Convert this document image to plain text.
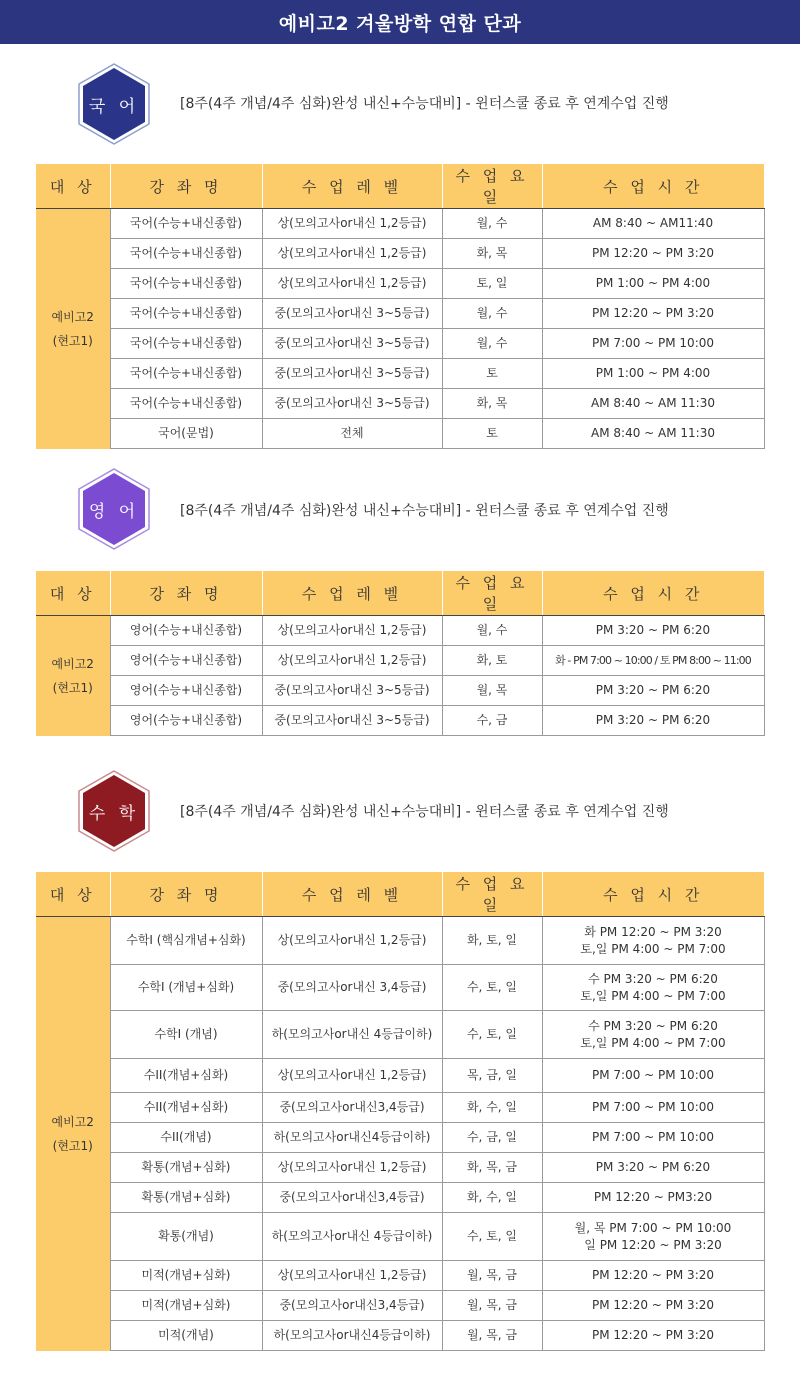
예비고2 겨울방학 연합 단과
국 어	[8주(4주 개념/4주 심화)완성 내신+수능대비] - 윈터스쿨 종료 후 연계수업 진행
대 상	강 좌 명	수 업 레 벨	수 업 요 일	수 업 시 간

예비고2
(현고1)	국어(수능+내신종합)	상(모의고사or내신 1,2등급)	월, 수	AM 8:40 ~ AM11:40

	국어(수능+내신종합)	상(모의고사or내신 1,2등급)	화, 목	PM 12:20 ~ PM 3:20

	국어(수능+내신종합)	상(모의고사or내신 1,2등급)	토, 일	PM 1:00 ~ PM 4:00

	국어(수능+내신종합)	중(모의고사or내신 3~5등급)	월, 수	PM 12:20 ~ PM 3:20

	국어(수능+내신종합)	중(모의고사or내신 3~5등급)	월, 수	PM 7:00 ~ PM 10:00

	국어(수능+내신종합)	중(모의고사or내신 3~5등급)	토	PM 1:00 ~ PM 4:00

	국어(수능+내신종합)	중(모의고사or내신 3~5등급)	화, 목	AM 8:40 ~ AM 11:30

	국어(문법)	전체	토	AM 8:40 ~ AM 11:30
영 어	[8주(4주 개념/4주 심화)완성 내신+수능대비] - 윈터스쿨 종료 후 연계수업 진행
대 상	강 좌 명	수 업 레 벨	수 업 요 일	수 업 시 간

예비고2
(현고1)	영어(수능+내신종합)	상(모의고사or내신 1,2등급)	월, 수	PM 3:20 ~ PM 6:20

	영어(수능+내신종합)	상(모의고사or내신 1,2등급)	화, 토	화 - PM 7:00 ~ 10:00 / 토 PM 8:00 ~ 11:00

	영어(수능+내신종합)	중(모의고사or내신 3~5등급)	월, 목	PM 3:20 ~ PM 6:20

	영어(수능+내신종합)	중(모의고사or내신 3~5등급)	수, 금	PM 3:20 ~ PM 6:20
수 학	[8주(4주 개념/4주 심화)완성 내신+수능대비] - 윈터스쿨 종료 후 연계수업 진행
대 상	강 좌 명	수 업 레 벨	수 업 요 일	수 업 시 간

예비고2
(현고1)	수학I (핵심개념+심화)	상(모의고사or내신 1,2등급)	화, 토, 일	화 PM 12:20 ~ PM 3:20
토,일 PM 4:00 ~ PM 7:00

	수학I (개념+심화)	중(모의고사or내신 3,4등급)	수, 토, 일	수 PM 3:20 ~ PM 6:20
토,일 PM 4:00 ~ PM 7:00

	수학I (개념)	하(모의고사or내신 4등급이하)	수, 토, 일	수 PM 3:20 ~ PM 6:20
토,일 PM 4:00 ~ PM 7:00

	수II(개념+심화)	상(모의고사or내신 1,2등급)	목, 금, 일	PM 7:00 ~ PM 10:00

	수II(개념+심화)	중(모의고사or내신3,4등급)	화, 수, 일	PM 7:00 ~ PM 10:00

	수II(개념)	하(모의고사or내신4등급이하)	수, 금, 일	PM 7:00 ~ PM 10:00

	확통(개념+심화)	상(모의고사or내신 1,2등급)	화, 목, 금	PM 3:20 ~ PM 6:20

	확통(개념+심화)	중(모의고사or내신3,4등급)	화, 수, 일	PM 12:20 ~ PM3:20

	확통(개념)	하(모의고사or내신 4등급이하)	수, 토, 일	월, 목 PM 7:00 ~ PM 10:00
일 PM 12:20 ~ PM 3:20

	미적(개념+심화)	상(모의고사or내신 1,2등급)	월, 목, 금	PM 12:20 ~ PM 3:20

	미적(개념+심화)	중(모의고사or내신3,4등급)	월, 목, 금	PM 12:20 ~ PM 3:20

	미적(개념)	하(모의고사or내신4등급이하)	월, 목, 금	PM 12:20 ~ PM 3:20
